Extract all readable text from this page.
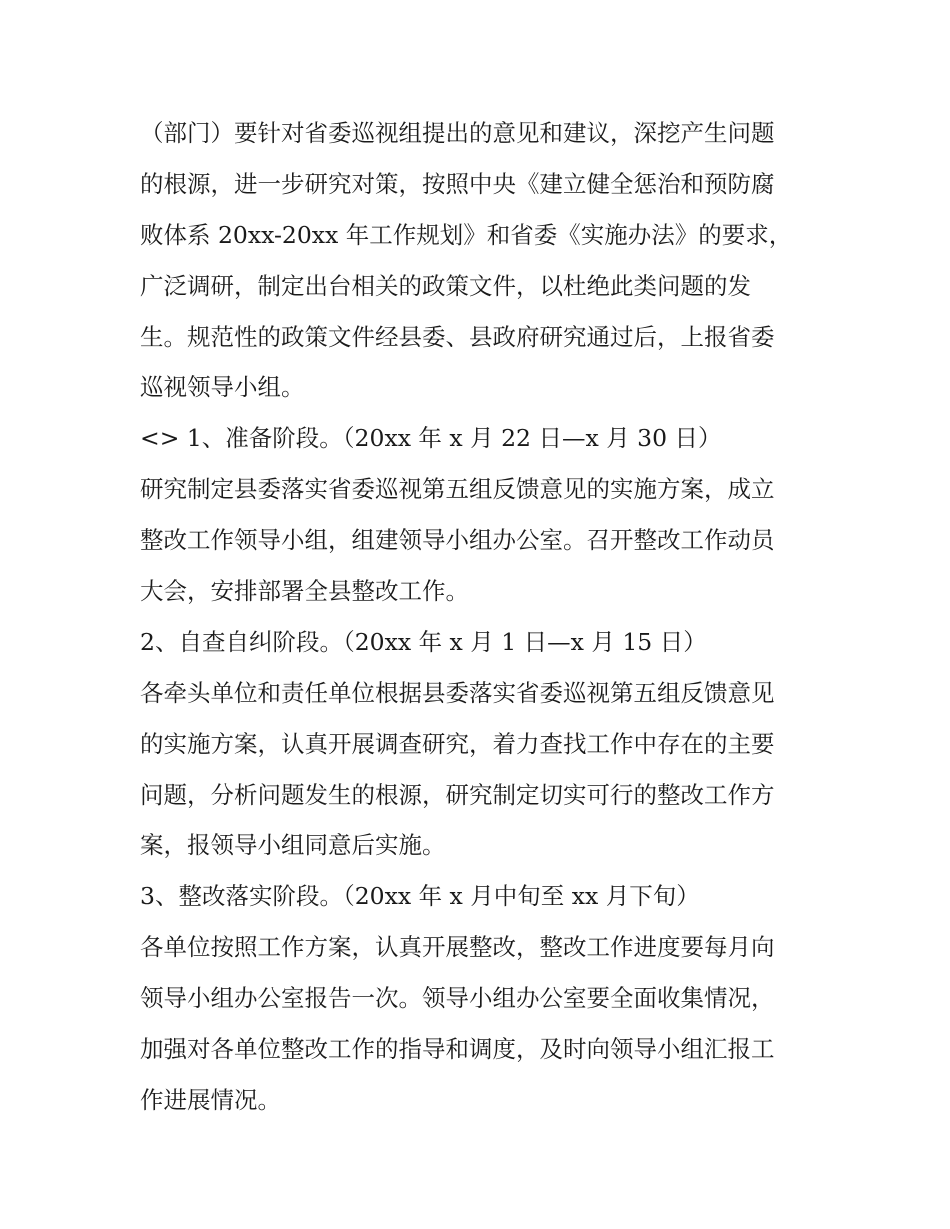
（部门）要针对省委巡视组提出的意见和建议，深挖产生问题
的根源，进一步研究对策，按照中央《建立健全惩治和预防腐
败体系 20xx-20xx 年工作规划》和省委《实施办法》的要求，
广泛调研，制定出台相关的政策文件，以杜绝此类问题的发
生。规范性的政策文件经县委、县政府研究通过后，上报省委
巡视领导小组。
<> 1、准备阶段。（20xx 年 x 月 22 日—x 月 30 日）
研究制定县委落实省委巡视第五组反馈意见的实施方案，成立
整改工作领导小组，组建领导小组办公室。召开整改工作动员
大会，安排部署全县整改工作。
2、自查自纠阶段。（20xx 年 x 月 1 日—x 月 15 日）
各牵头单位和责任单位根据县委落实省委巡视第五组反馈意见
的实施方案，认真开展调查研究，着力查找工作中存在的主要
问题，分析问题发生的根源，研究制定切实可行的整改工作方
案，报领导小组同意后实施。
3、整改落实阶段。（20xx 年 x 月中旬至 xx 月下旬）
各单位按照工作方案，认真开展整改，整改工作进度要每月向
领导小组办公室报告一次。领导小组办公室要全面收集情况，
加强对各单位整改工作的指导和调度，及时向领导小组汇报工
作进展情况。
